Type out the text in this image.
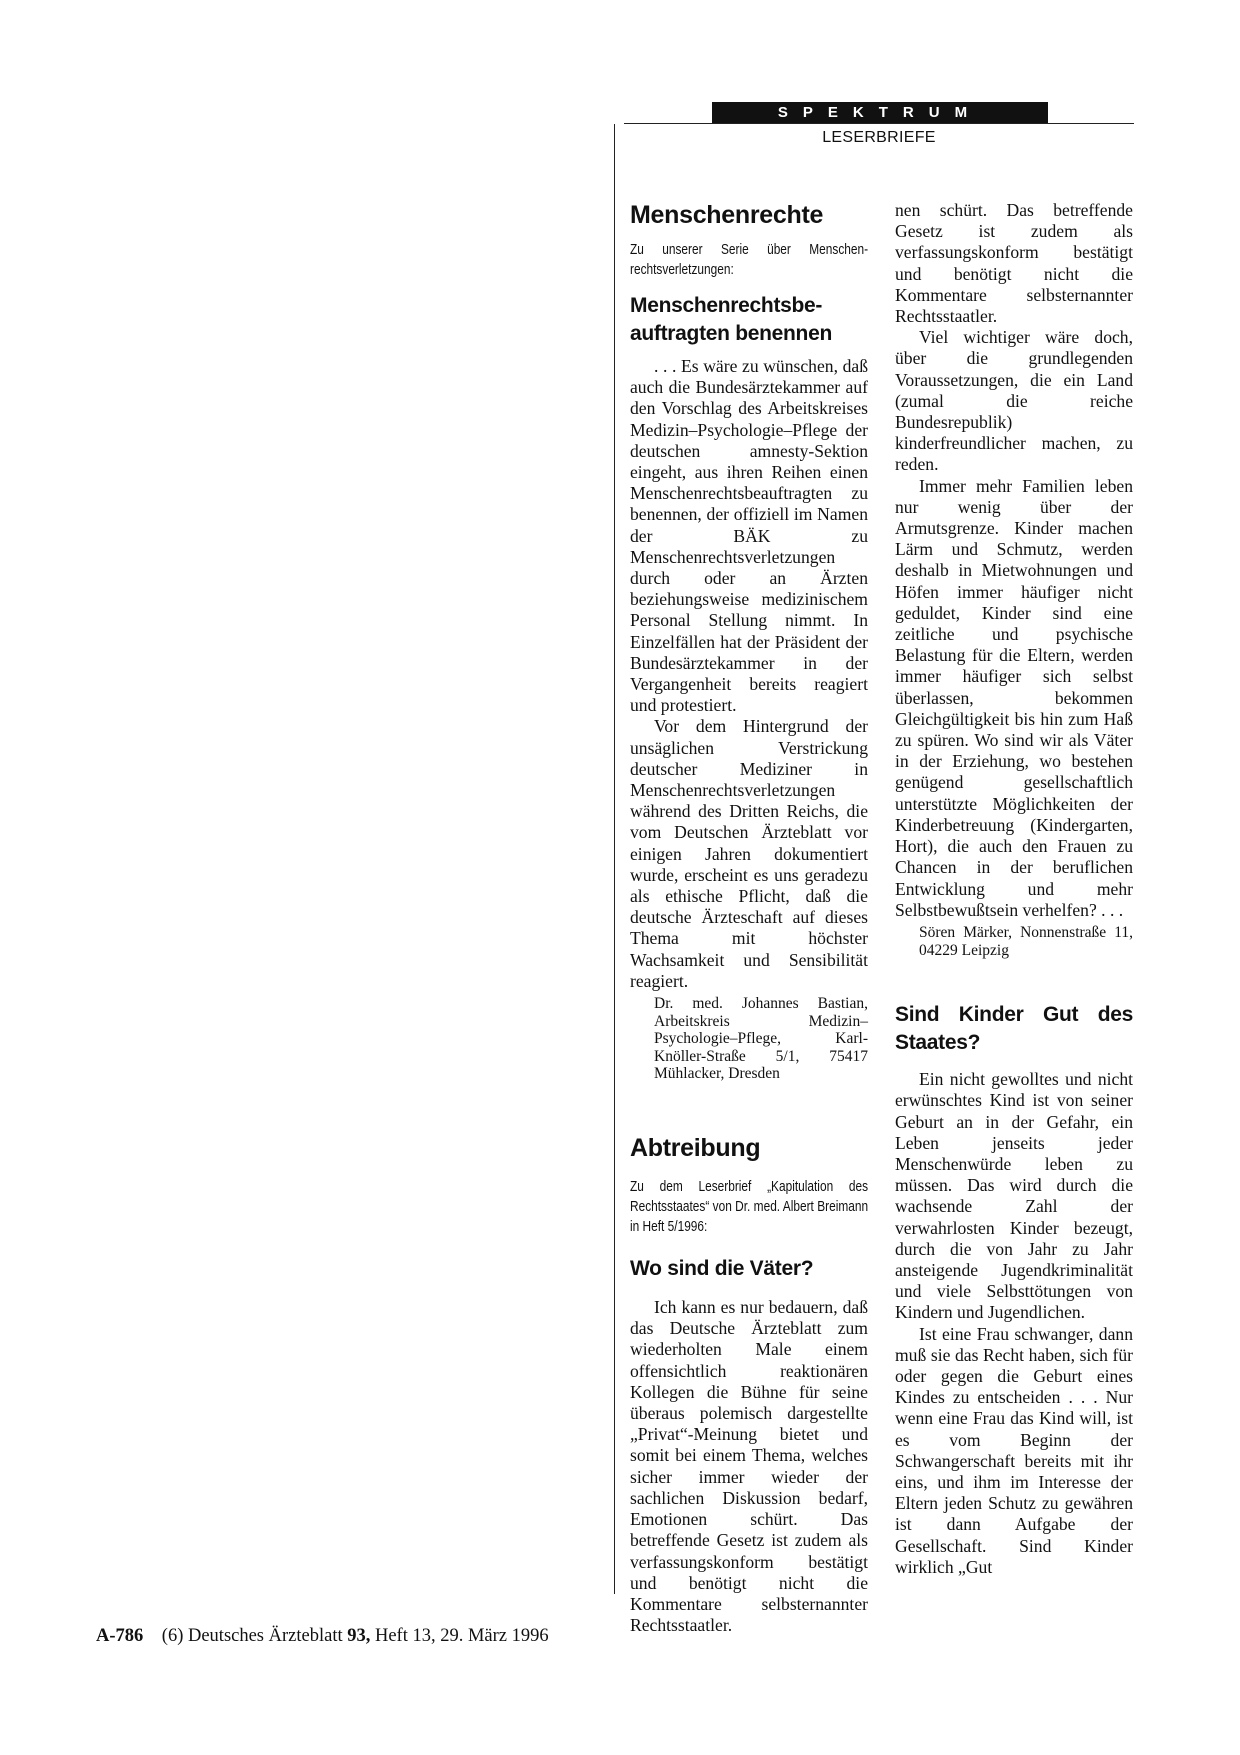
SPEKTRUM
LESERBRIEFE
Menschenrechte
Zu unserer Serie über Menschenrechtsverletzungen:
Menschenrechtsbe-auftragten benennen

. . . Es wäre zu wünschen, daß auch die Bundesärztekammer auf den Vorschlag des Arbeitskreises Medizin–Psychologie–Pflege der deutschen amnesty-Sektion eingeht, aus ihren Reihen einen Menschenrechtsbeauftragten zu benennen, der offiziell im Namen der BÄK zu Menschenrechtsverletzungen durch oder an Ärzten beziehungsweise medizinischem Personal Stellung nimmt. In Einzelfällen hat der Präsident der Bundesärztekammer in der Vergangenheit bereits reagiert und protestiert.

Vor dem Hintergrund der unsäglichen Verstrickung deutscher Mediziner in Menschenrechtsverletzungen während des Dritten Reichs, die vom Deutschen Ärzteblatt vor einigen Jahren dokumentiert wurde, erscheint es uns geradezu als ethische Pflicht, daß die deutsche Ärzteschaft auf dieses Thema mit höchster Wachsamkeit und Sensibilität reagiert.

Dr. med. Johannes Bastian, Arbeitskreis Medizin–Psychologie–Pflege, Karl-Knöller-Straße 5/1, 75417 Mühlacker, Dresden

Abtreibung
Zu dem Leserbrief „Kapitulation des Rechtsstaates“ von Dr. med. Albert Breimann in Heft 5/1996:
Wo sind die Väter?

Ich kann es nur bedauern, daß das Deutsche Ärzteblatt zum wiederholten Male einem offensichtlich reaktionären Kollegen die Bühne für seine überaus polemisch dargestellte „Privat“-Meinung bietet und somit bei einem Thema, welches sicher immer wieder der sachlichen Diskussion bedarf, Emotionen schürt. Das betreffende Gesetz ist zudem als verfassungskonform bestätigt und benötigt nicht die Kommentare selbsternannter Rechtsstaatler.

nen schürt. Das betreffende Gesetz ist zudem als verfassungskonform bestätigt und benötigt nicht die Kommentare selbsternannter Rechtsstaatler.

Viel wichtiger wäre doch, über die grundlegenden Voraussetzungen, die ein Land (zumal die reiche Bundesrepublik) kinderfreundlicher machen, zu reden.

Immer mehr Familien leben nur wenig über der Armutsgrenze. Kinder machen Lärm und Schmutz, werden deshalb in Mietwohnungen und Höfen immer häufiger nicht geduldet, Kinder sind eine zeitliche und psychische Belastung für die Eltern, werden immer häufiger sich selbst überlassen, bekommen Gleichgültigkeit bis hin zum Haß zu spüren. Wo sind wir als Väter in der Erziehung, wo bestehen genügend gesellschaftlich unterstützte Möglichkeiten der Kinderbetreuung (Kindergarten, Hort), die auch den Frauen zu Chancen in der beruflichen Entwicklung und mehr Selbstbewußtsein verhelfen? . . .

Sören Märker, Nonnenstraße 11, 04229 Leipzig

Sind Kinder Gut des Staates?

Ein nicht gewolltes und nicht erwünschtes Kind ist von seiner Geburt an in der Gefahr, ein Leben jenseits jeder Menschenwürde leben zu müssen. Das wird durch die wachsende Zahl der verwahrlosten Kinder bezeugt, durch die von Jahr zu Jahr ansteigende Jugendkriminalität und viele Selbsttötungen von Kindern und Jugendlichen.

Ist eine Frau schwanger, dann muß sie das Recht haben, sich für oder gegen die Geburt eines Kindes zu entscheiden . . . Nur wenn eine Frau das Kind will, ist es vom Beginn der Schwangerschaft bereits mit ihr eins, und ihm im Interesse der Eltern jeden Schutz zu gewähren ist dann Aufgabe der Gesellschaft. Sind Kinder wirklich „Gut

A-786 (6) Deutsches Ärzteblatt 93, Heft 13, 29. März 1996
